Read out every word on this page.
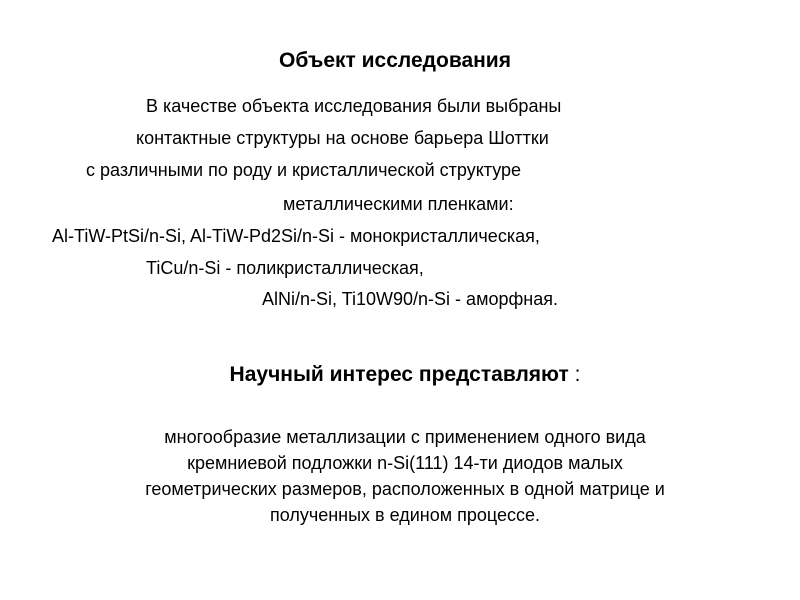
Объект исследования
В качестве объекта исследования были выбраны
контактные структуры на основе барьера Шоттки
с различными по роду и кристаллической структуре
металлическими пленками:
Al-TiW-PtSi/n-Si, Al-TiW-Pd2Si/n-Si - монокристаллическая,
TiCu/n-Si - поликристаллическая,
AlNi/n-Si, Ti10W90/n-Si - аморфная.
Научный интерес представляют :
многообразие металлизации с применением одного вида
кремниевой подложки n-Si(111) 14-ти диодов малых
геометрических размеров, расположенных в одной матрице и
полученных в едином процессе.
